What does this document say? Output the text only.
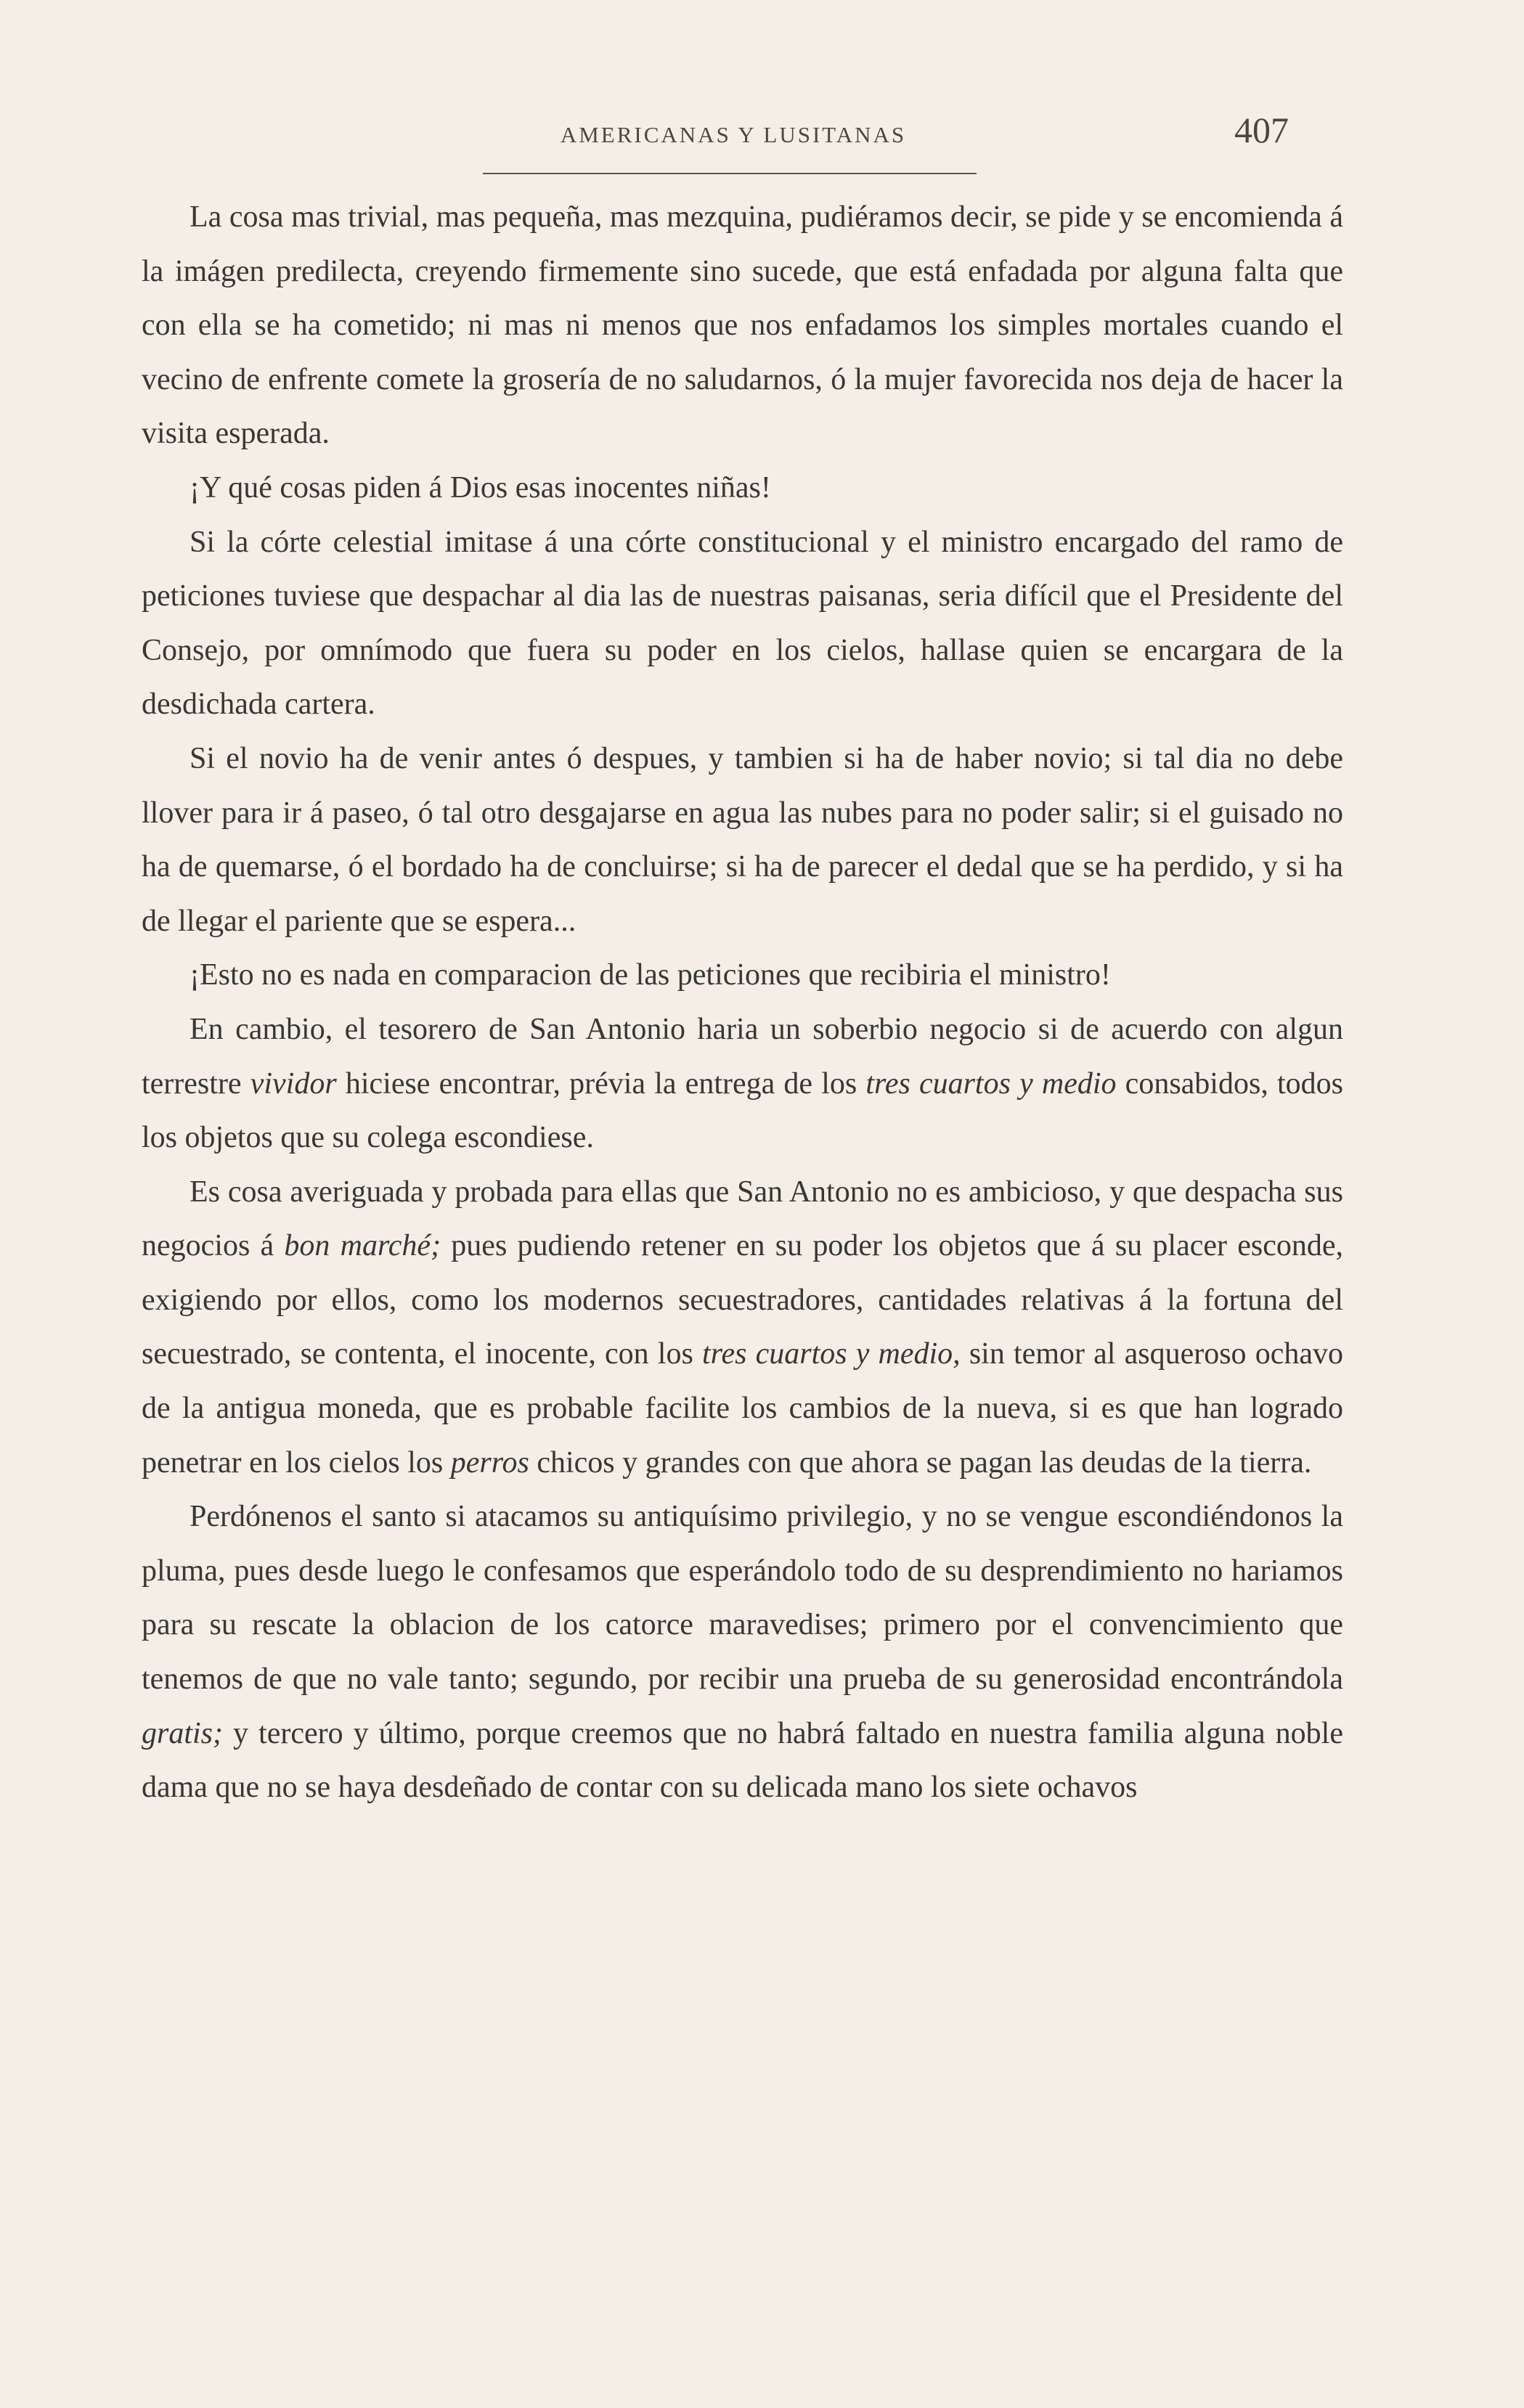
AMERICANAS Y LUSITANAS	407

La cosa mas trivial, mas pequeña, mas mezquina, pudiéramos decir, se pide y se encomienda á la imágen predilecta, creyendo firmemente sino sucede, que está enfadada por alguna falta que con ella se ha cometido; ni mas ni menos que nos enfadamos los simples mortales cuando el vecino de enfrente comete la grosería de no saludarnos, ó la mujer favorecida nos deja de hacer la visita esperada.

¡Y qué cosas piden á Dios esas inocentes niñas!

Si la córte celestial imitase á una córte constitucional y el ministro encargado del ramo de peticiones tuviese que despachar al dia las de nuestras paisanas, seria difícil que el Presidente del Consejo, por omnímodo que fuera su poder en los cielos, hallase quien se encargara de la desdichada cartera.

Si el novio ha de venir antes ó despues, y tambien si ha de haber novio; si tal dia no debe llover para ir á paseo, ó tal otro desgajarse en agua las nubes para no poder salir; si el guisado no ha de quemarse, ó el bordado ha de concluirse; si ha de parecer el dedal que se ha perdido, y si ha de llegar el pariente que se espera...

¡Esto no es nada en comparacion de las peticiones que recibiria el ministro!

En cambio, el tesorero de San Antonio haria un soberbio negocio si de acuerdo con algun terrestre vividor hiciese encontrar, prévia la entrega de los tres cuartos y medio consabidos, todos los objetos que su colega escondiese.

Es cosa averiguada y probada para ellas que San Antonio no es ambicioso, y que despacha sus negocios á bon marché; pues pudiendo retener en su poder los objetos que á su placer esconde, exigiendo por ellos, como los modernos secuestradores, cantidades relativas á la fortuna del secuestrado, se contenta, el inocente, con los tres cuartos y medio, sin temor al asqueroso ochavo de la antigua moneda, que es probable facilite los cambios de la nueva, si es que han logrado penetrar en los cielos los perros chicos y grandes con que ahora se pagan las deudas de la tierra.

Perdónenos el santo si atacamos su antiquísimo privilegio, y no se vengue escondiéndonos la pluma, pues desde luego le confesamos que esperándolo todo de su desprendimiento no hariamos para su rescate la oblacion de los catorce maravedises; primero por el convencimiento que tenemos de que no vale tanto; segundo, por recibir una prueba de su generosidad encontrándola gratis; y tercero y último, porque creemos que no habrá faltado en nuestra familia alguna noble dama que no se haya desdeñado de contar con su delicada mano los siete ochavos
